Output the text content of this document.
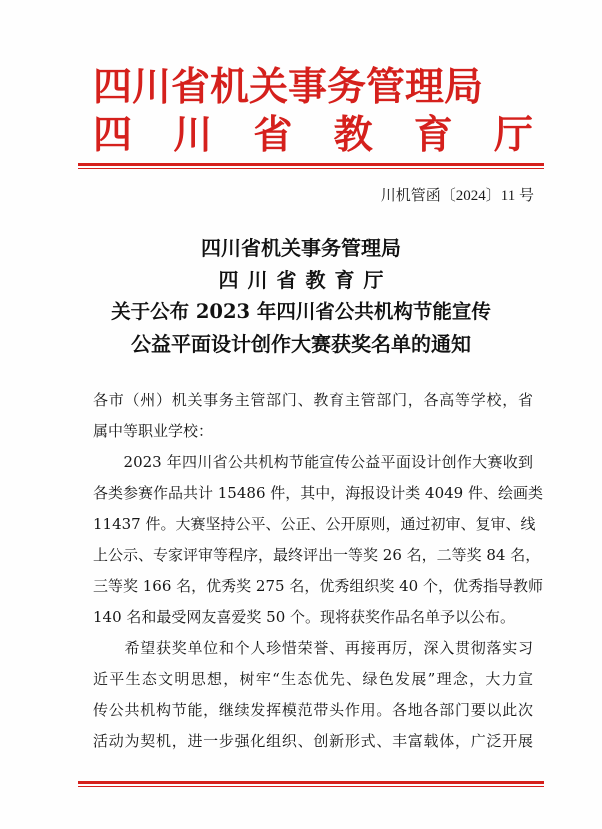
四川省机关事务管理局
四 川 省 教 育 厅
川机管函〔2024〕11 号
四川省机关事务管理局
四川省教育厅
关于公布 2023 年四川省公共机构节能宣传
公益平面设计创作大赛获奖名单的通知
各市（州）机关事务主管部门、教育主管部门，各高等学校，省
属中等职业学校：
　　2023 年四川省公共机构节能宣传公益平面设计创作大赛收到
各类参赛作品共计 15486 件，其中，海报设计类 4049 件、绘画类
11437 件。大赛坚持公平、公正、公开原则，通过初审、复审、线
上公示、专家评审等程序，最终评出一等奖 26 名，二等奖 84 名，
三等奖 166 名，优秀奖 275 名，优秀组织奖 40 个，优秀指导教师
140 名和最受网友喜爱奖 50 个。现将获奖作品名单予以公布。
　　希望获奖单位和个人珍惜荣誉、再接再厉，深入贯彻落实习
近平生态文明思想，树牢“生态优先、绿色发展”理念，大力宣
传公共机构节能，继续发挥模范带头作用。各地各部门要以此次
活动为契机，进一步强化组织、创新形式、丰富载体，广泛开展
